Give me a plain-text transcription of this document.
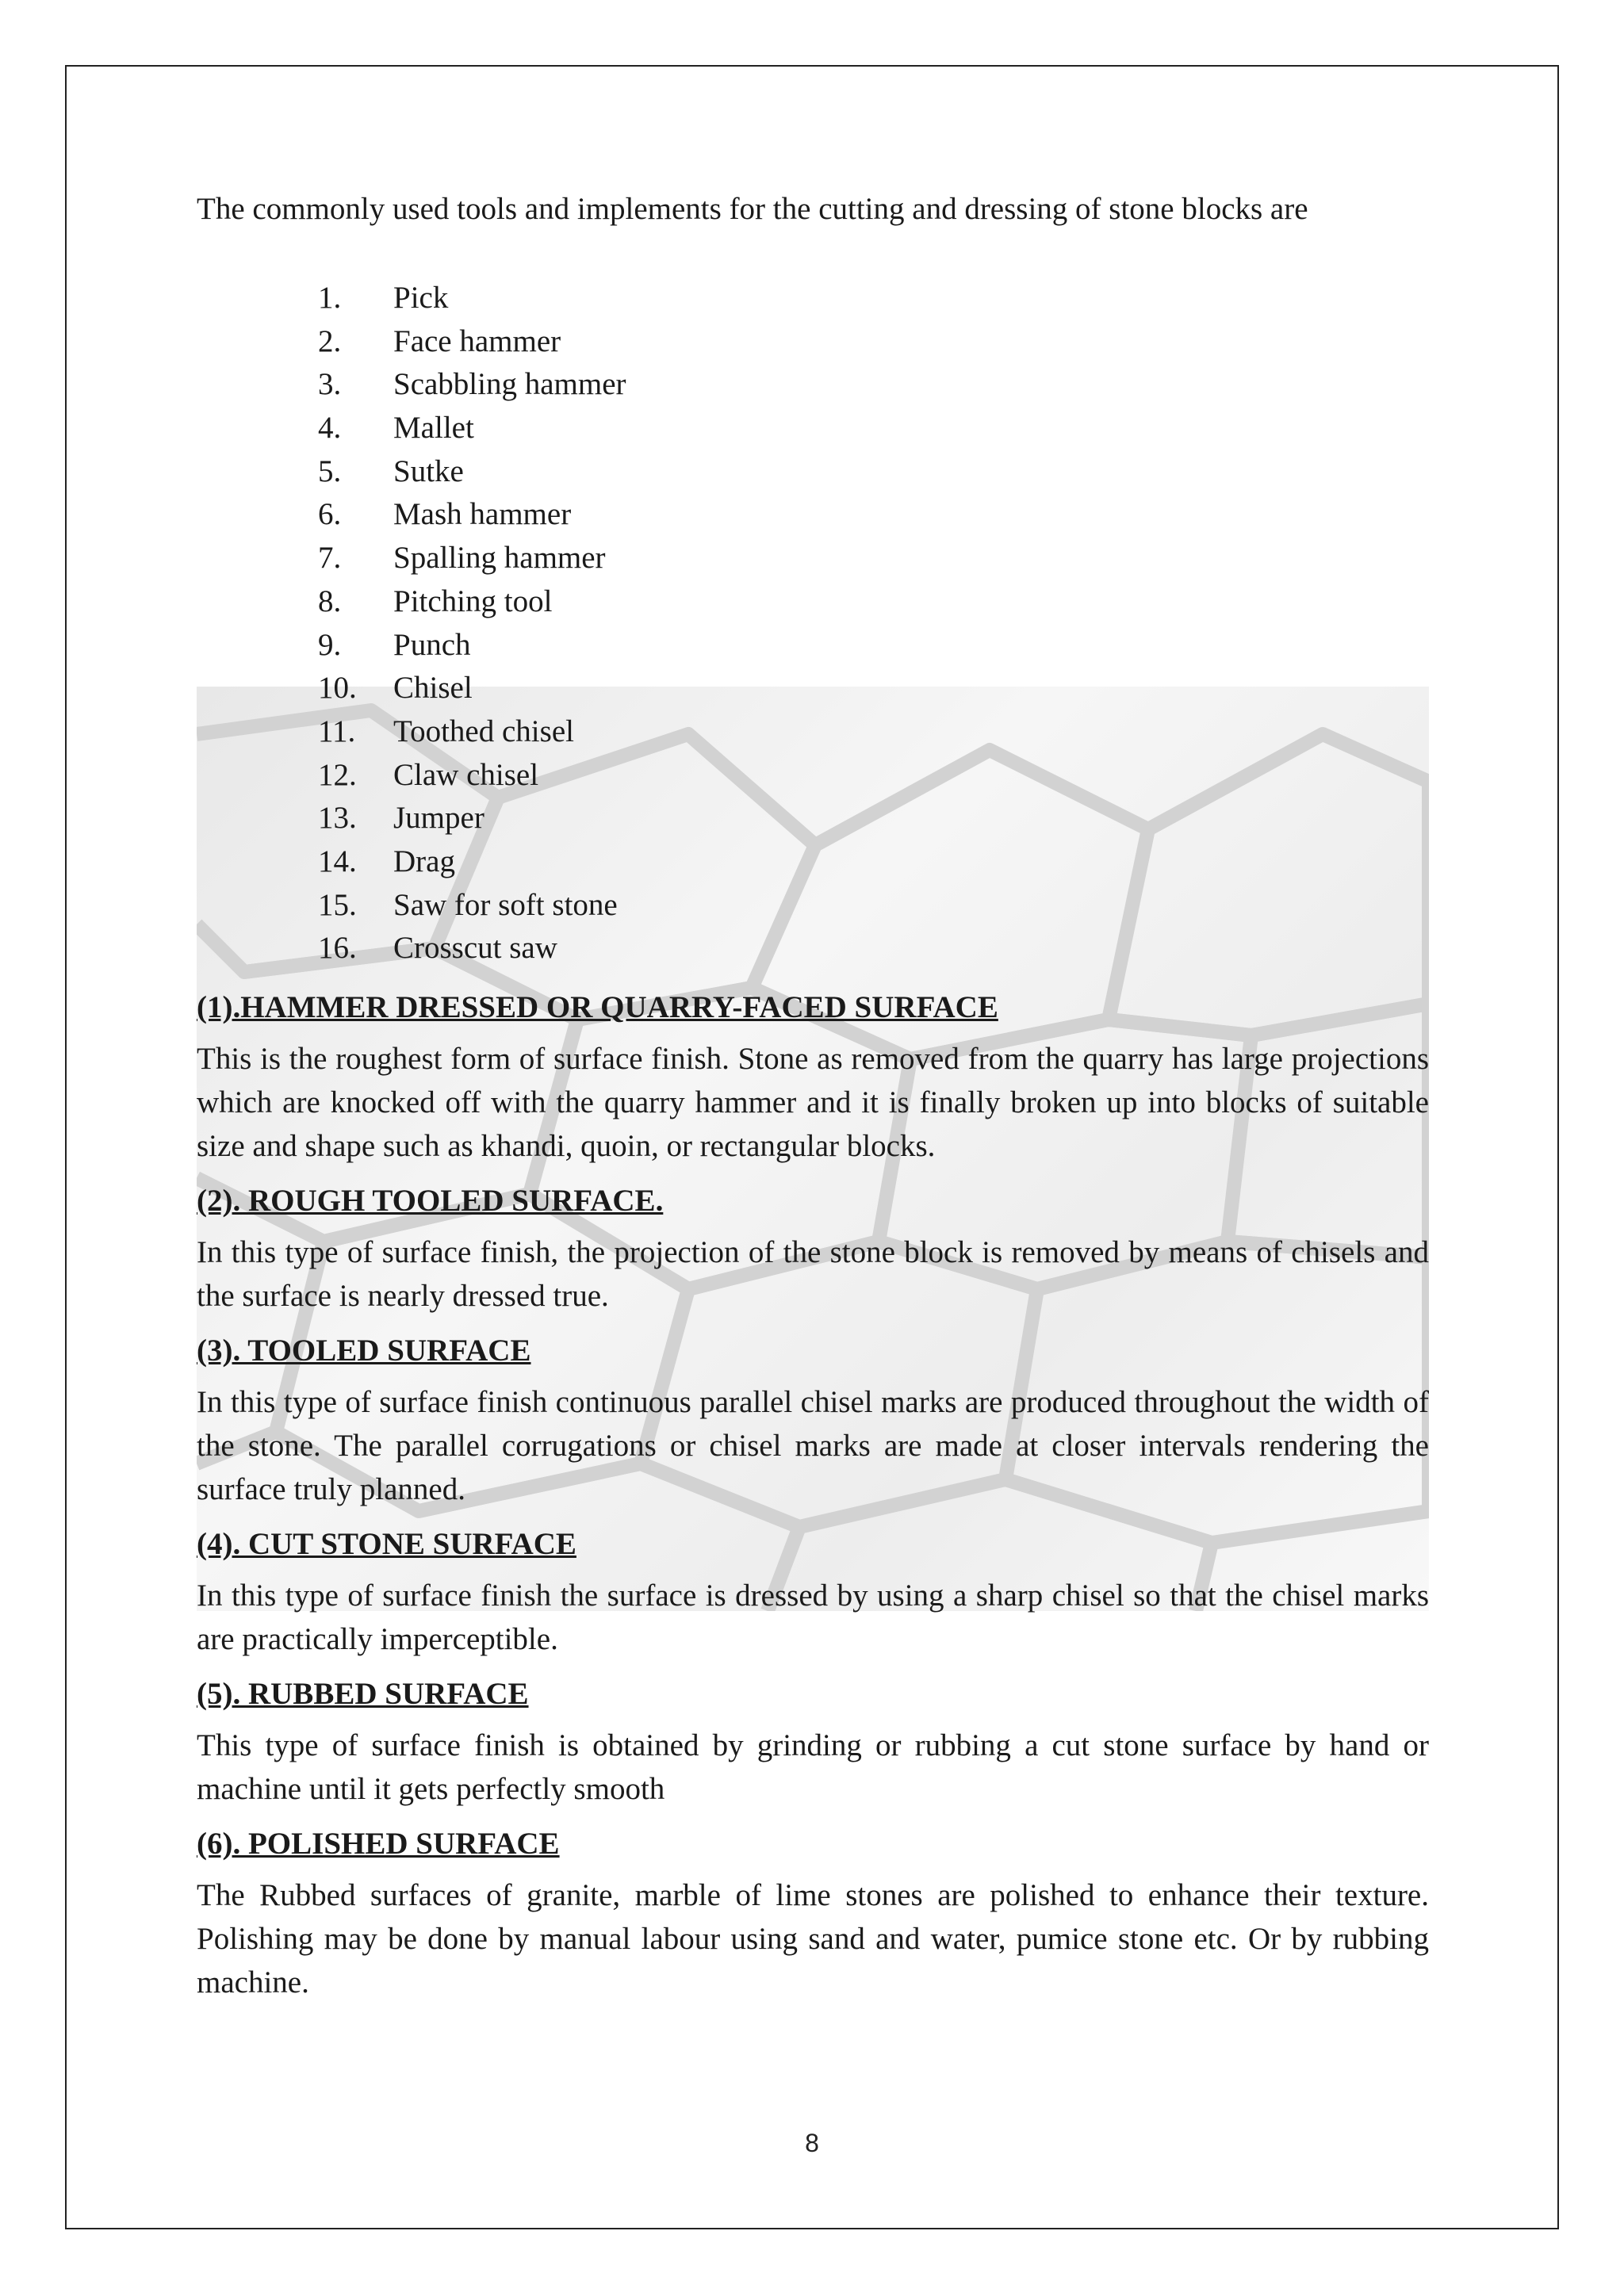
The commonly used tools and implements for the cutting and dressing of stone blocks are

1.	Pick
2.	Face hammer
3.	Scabbling hammer
4.	Mallet
5.	Sutke
6.	Mash hammer
7.	Spalling hammer
8.	Pitching tool
9.	Punch
10.	Chisel
11.	Toothed chisel
12.	Claw chisel
13.	Jumper
14.	Drag
15.	Saw for soft stone
16.	Crosscut saw
(1).HAMMER DRESSED OR QUARRY-FACED SURFACE

This is the roughest form of surface finish. Stone as removed from the quarry has large projections which are knocked off with the quarry hammer and it is finally broken up into blocks of suitable size and shape such as khandi, quoin, or rectangular blocks.

(2). ROUGH TOOLED SURFACE.

In this type of surface finish, the projection of the stone block is removed by means of chisels and the surface is nearly dressed true.

(3). TOOLED SURFACE

In this type of surface finish continuous parallel chisel marks are produced throughout the width of the stone. The parallel corrugations or chisel marks are made at closer intervals rendering the surface truly planned.

(4). CUT STONE SURFACE

In this type of surface finish the surface is dressed by using a sharp chisel so that the chisel marks are practically imperceptible.

(5). RUBBED SURFACE

This type of surface finish is obtained by grinding or rubbing a cut stone surface by hand or machine until it gets perfectly smooth

(6). POLISHED SURFACE

The Rubbed surfaces of granite, marble of lime stones are polished to enhance their texture. Polishing may be done by manual labour using sand and water, pumice stone etc. Or by rubbing machine.

8
